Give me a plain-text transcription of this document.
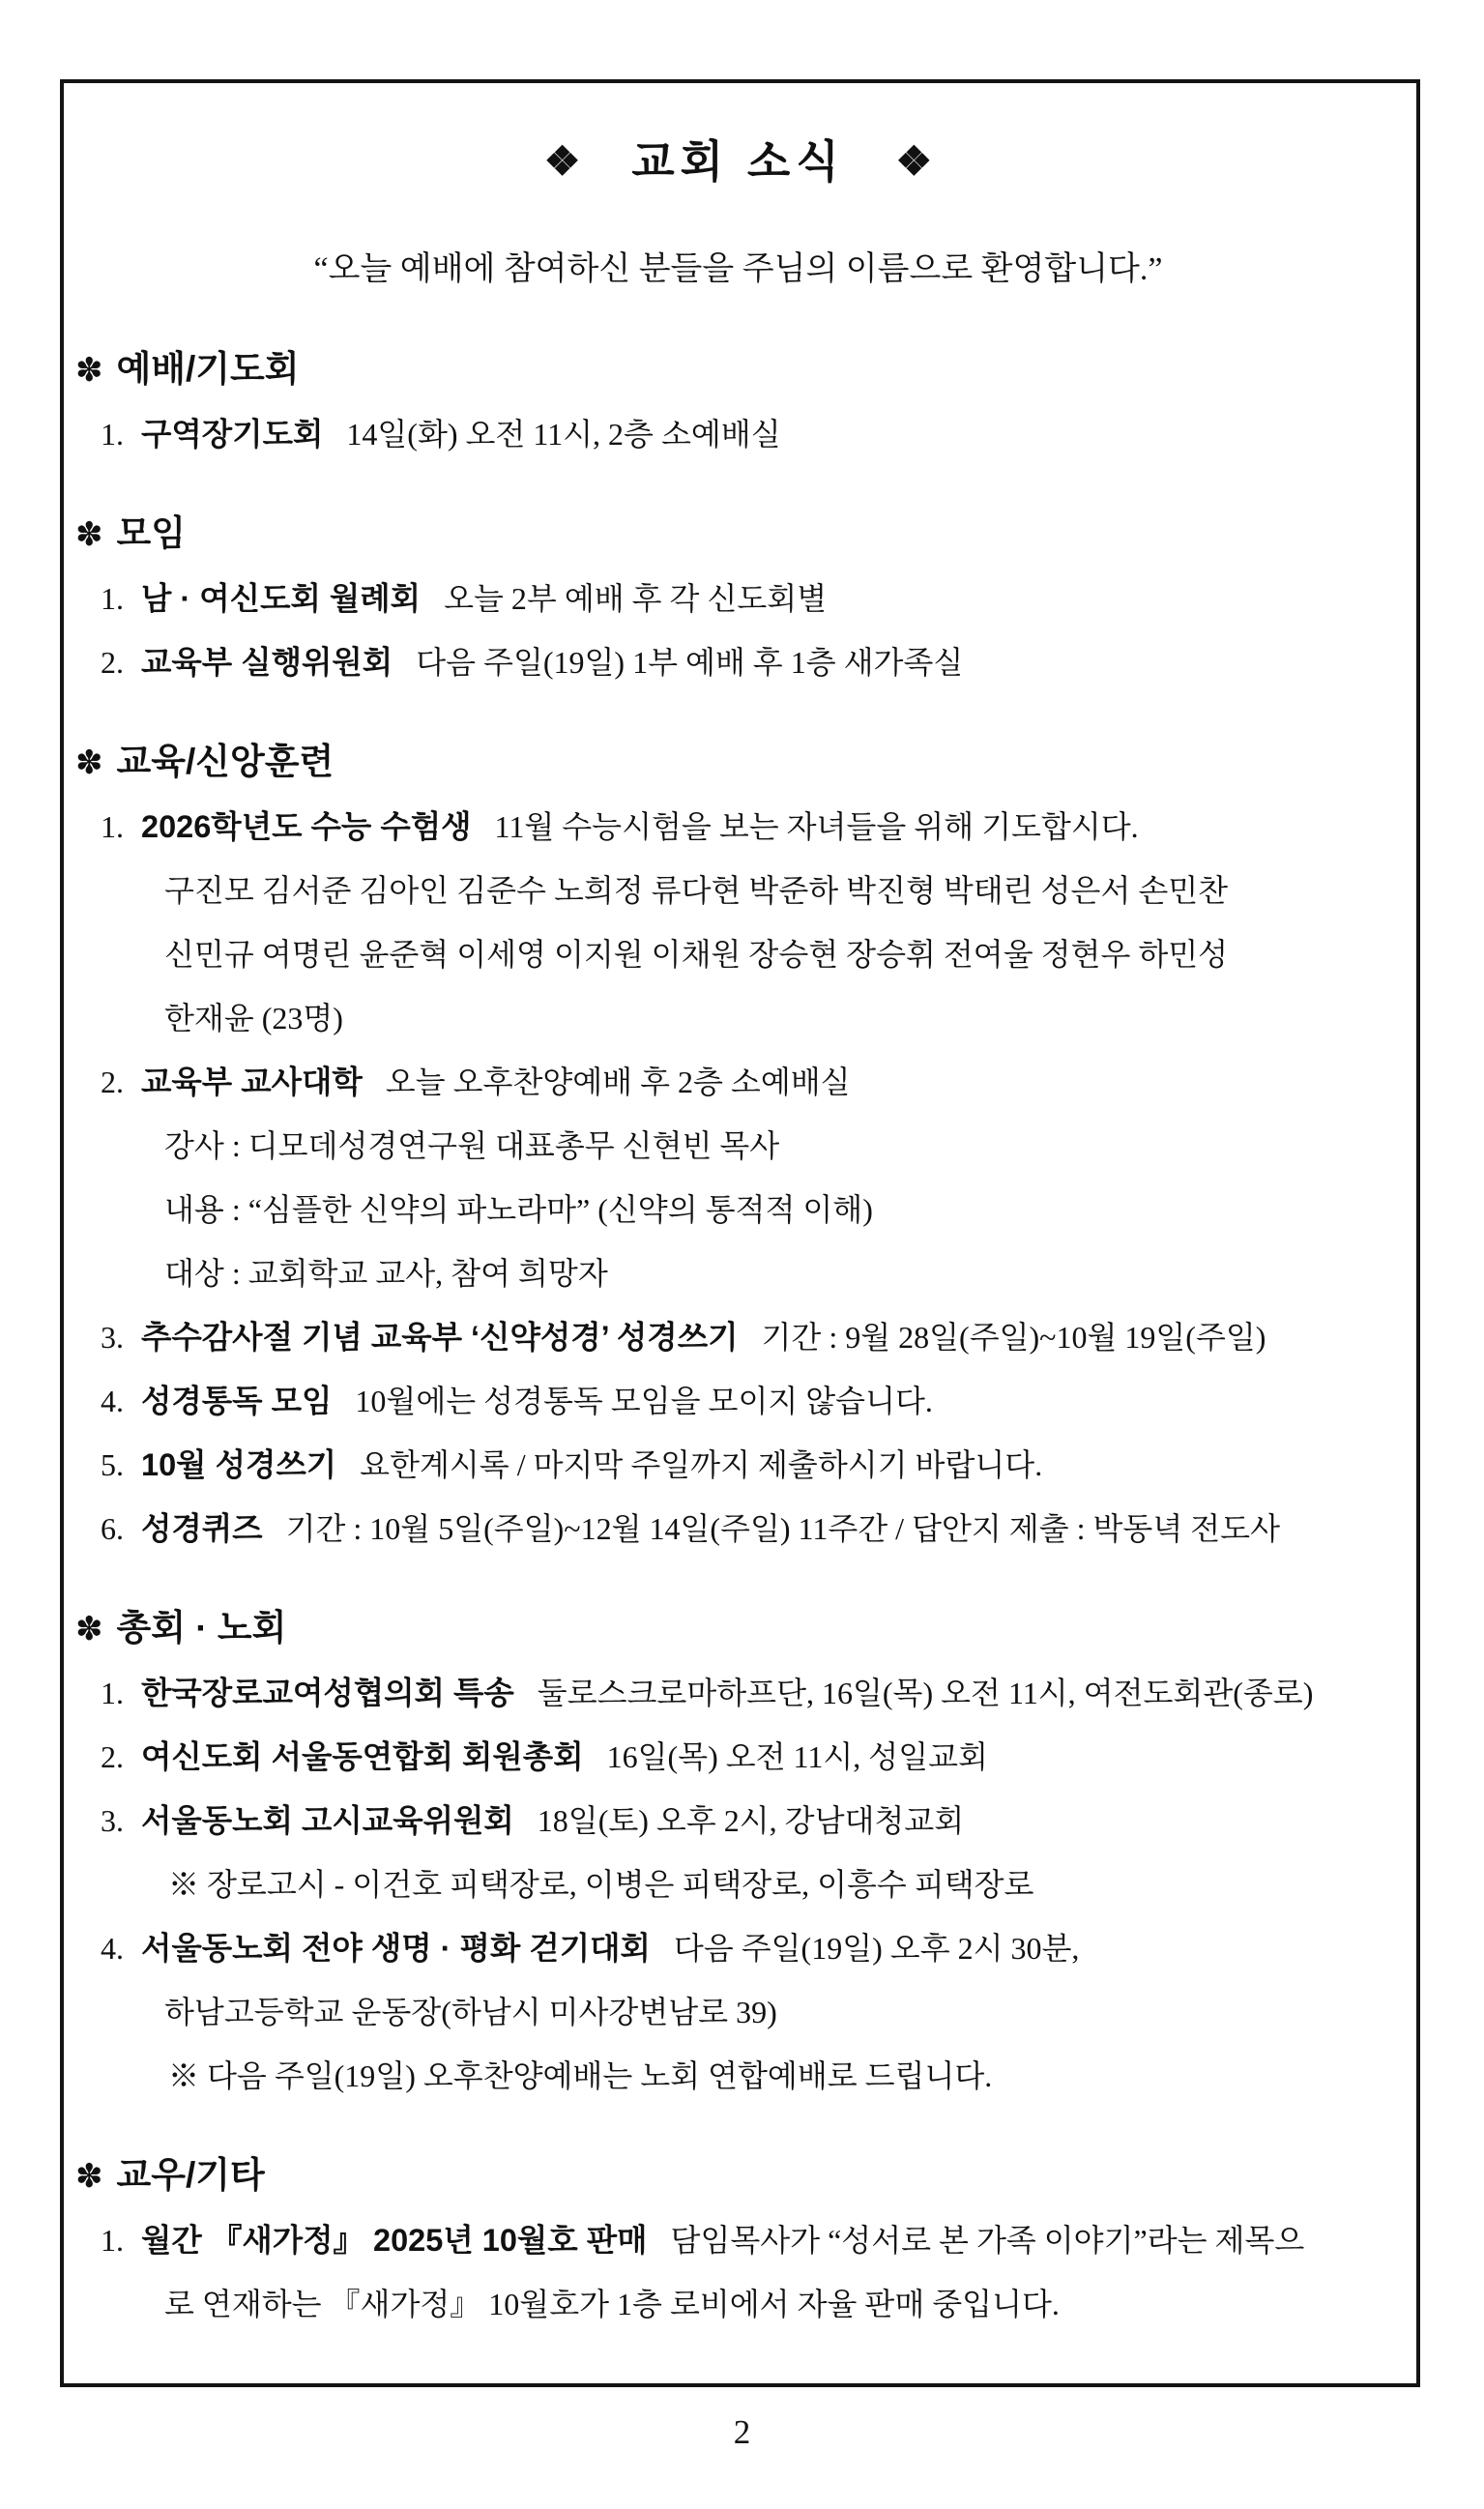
❖ 교회 소식 ❖
“오늘 예배에 참여하신 분들을 주님의 이름으로 환영합니다.”
✽ 예배/기도회
1. 구역장기도회 14일(화) 오전 11시, 2층 소예배실
✽ 모임
1. 남 · 여신도회 월례회 오늘 2부 예배 후 각 신도회별
2. 교육부 실행위원회 다음 주일(19일) 1부 예배 후 1층 새가족실
✽ 교육/신앙훈련
1. 2026학년도 수능 수험생 11월 수능시험을 보는 자녀들을 위해 기도합시다.
구진모 김서준 김아인 김준수 노희정 류다현 박준하 박진형 박태린 성은서 손민찬
신민규 여명린 윤준혁 이세영 이지원 이채원 장승현 장승휘 전여울 정현우 하민성
한재윤 (23명)
2. 교육부 교사대학 오늘 오후찬양예배 후 2층 소예배실
강사 : 디모데성경연구원 대표총무 신현빈 목사
내용 : “심플한 신약의 파노라마” (신약의 통적적 이해)
대상 : 교회학교 교사, 참여 희망자
3. 추수감사절 기념 교육부 ‘신약성경’ 성경쓰기 기간 : 9월 28일(주일)~10월 19일(주일)
4. 성경통독 모임 10월에는 성경통독 모임을 모이지 않습니다.
5. 10월 성경쓰기 요한계시록 / 마지막 주일까지 제출하시기 바랍니다.
6. 성경퀴즈 기간 : 10월 5일(주일)~12월 14일(주일) 11주간 / 답안지 제출 : 박동녁 전도사
✽ 총회 · 노회
1. 한국장로교여성협의회 특송 둘로스크로마하프단, 16일(목) 오전 11시, 여전도회관(종로)
2. 여신도회 서울동연합회 회원총회 16일(목) 오전 11시, 성일교회
3. 서울동노회 고시교육위원회 18일(토) 오후 2시, 강남대청교회
※ 장로고시 - 이건호 피택장로, 이병은 피택장로, 이흥수 피택장로
4. 서울동노회 전야 생명 · 평화 걷기대회 다음 주일(19일) 오후 2시 30분,
하남고등학교 운동장(하남시 미사강변남로 39)
※ 다음 주일(19일) 오후찬양예배는 노회 연합예배로 드립니다.
✽ 교우/기타
1. 월간 『새가정』 2025년 10월호 판매 담임목사가 “성서로 본 가족 이야기”라는 제목으
로 연재하는 『새가정』 10월호가 1층 로비에서 자율 판매 중입니다.
2
